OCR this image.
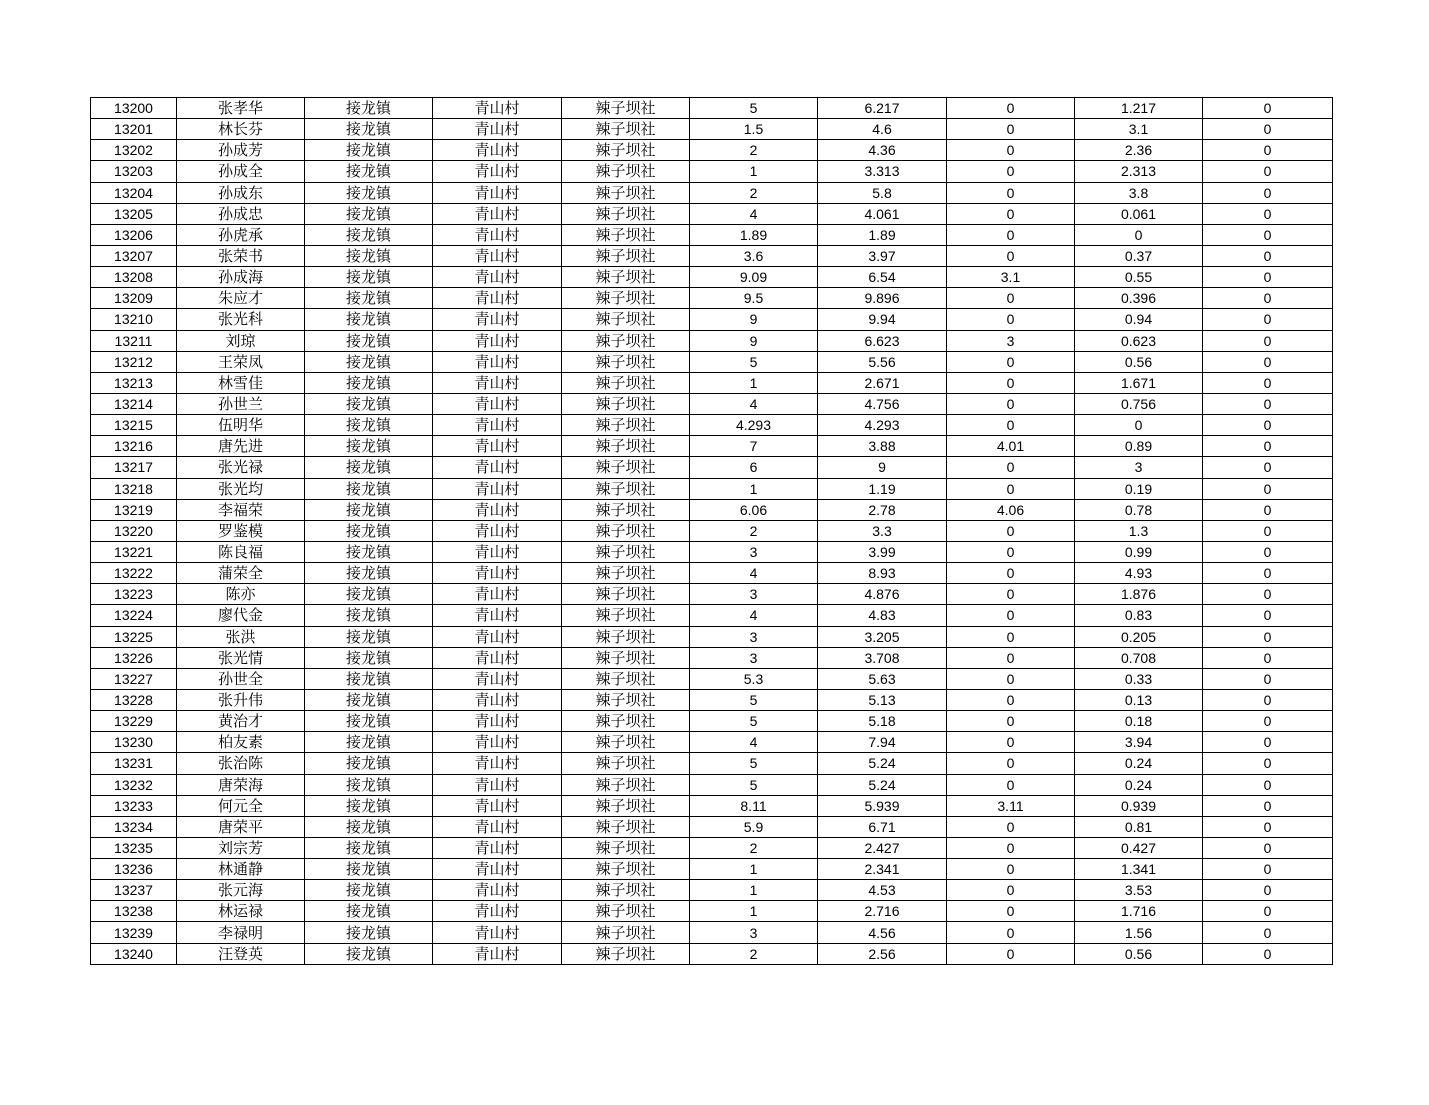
13200	张孝华	接龙镇	青山村	辣子坝社	5	6.217	0	1.217	0
13201	林长芬	接龙镇	青山村	辣子坝社	1.5	4.6	0	3.1	0
13202	孙成芳	接龙镇	青山村	辣子坝社	2	4.36	0	2.36	0
13203	孙成全	接龙镇	青山村	辣子坝社	1	3.313	0	2.313	0
13204	孙成东	接龙镇	青山村	辣子坝社	2	5.8	0	3.8	0
13205	孙成忠	接龙镇	青山村	辣子坝社	4	4.061	0	0.061	0
13206	孙虎承	接龙镇	青山村	辣子坝社	1.89	1.89	0	0	0
13207	张荣书	接龙镇	青山村	辣子坝社	3.6	3.97	0	0.37	0
13208	孙成海	接龙镇	青山村	辣子坝社	9.09	6.54	3.1	0.55	0
13209	朱应才	接龙镇	青山村	辣子坝社	9.5	9.896	0	0.396	0
13210	张光科	接龙镇	青山村	辣子坝社	9	9.94	0	0.94	0
13211	刘琼	接龙镇	青山村	辣子坝社	9	6.623	3	0.623	0
13212	王荣凤	接龙镇	青山村	辣子坝社	5	5.56	0	0.56	0
13213	林雪佳	接龙镇	青山村	辣子坝社	1	2.671	0	1.671	0
13214	孙世兰	接龙镇	青山村	辣子坝社	4	4.756	0	0.756	0
13215	伍明华	接龙镇	青山村	辣子坝社	4.293	4.293	0	0	0
13216	唐先进	接龙镇	青山村	辣子坝社	7	3.88	4.01	0.89	0
13217	张光禄	接龙镇	青山村	辣子坝社	6	9	0	3	0
13218	张光均	接龙镇	青山村	辣子坝社	1	1.19	0	0.19	0
13219	李福荣	接龙镇	青山村	辣子坝社	6.06	2.78	4.06	0.78	0
13220	罗鉴模	接龙镇	青山村	辣子坝社	2	3.3	0	1.3	0
13221	陈良福	接龙镇	青山村	辣子坝社	3	3.99	0	0.99	0
13222	蒲荣全	接龙镇	青山村	辣子坝社	4	8.93	0	4.93	0
13223	陈亦	接龙镇	青山村	辣子坝社	3	4.876	0	1.876	0
13224	廖代金	接龙镇	青山村	辣子坝社	4	4.83	0	0.83	0
13225	张洪	接龙镇	青山村	辣子坝社	3	3.205	0	0.205	0
13226	张光情	接龙镇	青山村	辣子坝社	3	3.708	0	0.708	0
13227	孙世全	接龙镇	青山村	辣子坝社	5.3	5.63	0	0.33	0
13228	张升伟	接龙镇	青山村	辣子坝社	5	5.13	0	0.13	0
13229	黄治才	接龙镇	青山村	辣子坝社	5	5.18	0	0.18	0
13230	柏友素	接龙镇	青山村	辣子坝社	4	7.94	0	3.94	0
13231	张治陈	接龙镇	青山村	辣子坝社	5	5.24	0	0.24	0
13232	唐荣海	接龙镇	青山村	辣子坝社	5	5.24	0	0.24	0
13233	何元全	接龙镇	青山村	辣子坝社	8.11	5.939	3.11	0.939	0
13234	唐荣平	接龙镇	青山村	辣子坝社	5.9	6.71	0	0.81	0
13235	刘宗芳	接龙镇	青山村	辣子坝社	2	2.427	0	0.427	0
13236	林通静	接龙镇	青山村	辣子坝社	1	2.341	0	1.341	0
13237	张元海	接龙镇	青山村	辣子坝社	1	4.53	0	3.53	0
13238	林运禄	接龙镇	青山村	辣子坝社	1	2.716	0	1.716	0
13239	李禄明	接龙镇	青山村	辣子坝社	3	4.56	0	1.56	0
13240	汪登英	接龙镇	青山村	辣子坝社	2	2.56	0	0.56	0
